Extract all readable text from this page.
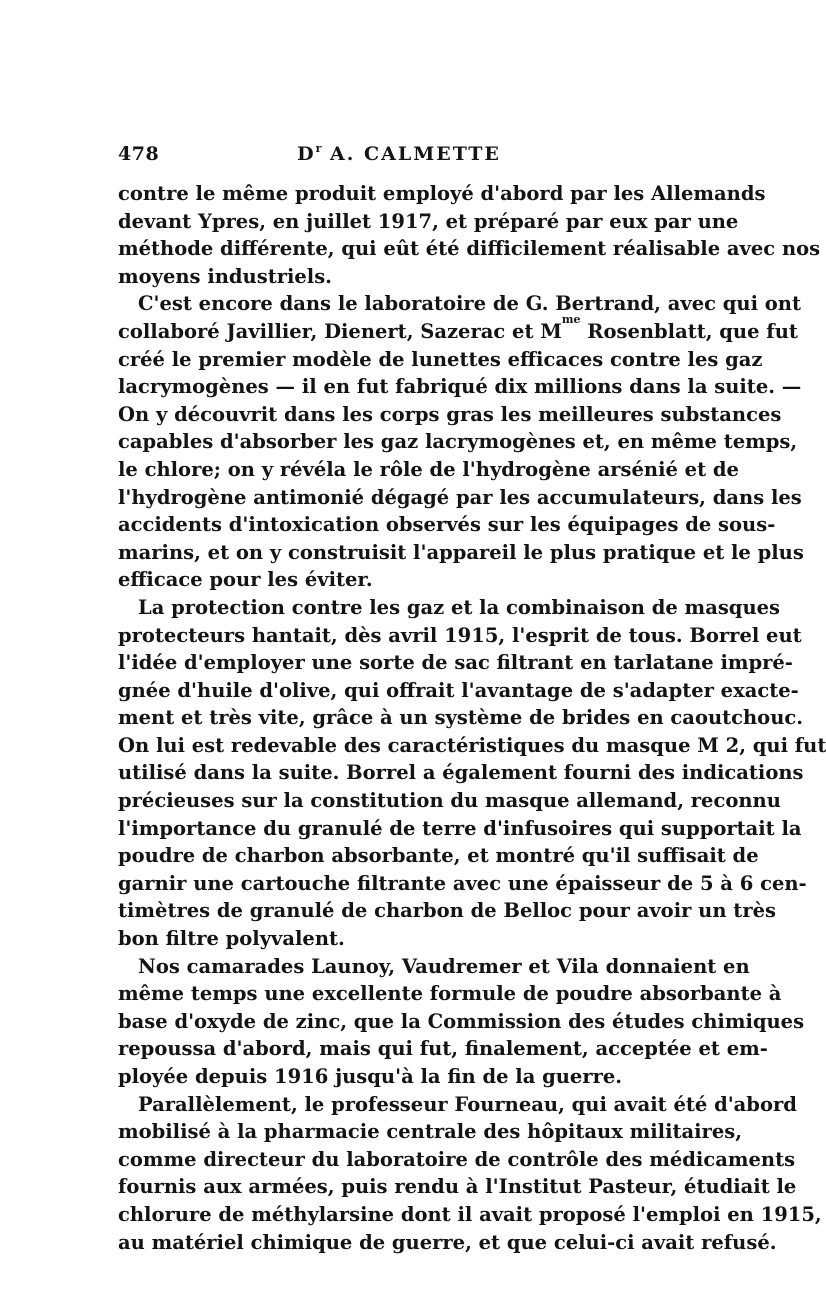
478	$D^r$ A. CALMETTE
contre le même produit employé d'abord par les Allemands
devant Ypres, en juillet 1917, et préparé par eux par une
méthode différente, qui eût été difficilement réalisable avec nos
moyens industriels.
C'est encore dans le laboratoire de G. Bertrand, avec qui ont
collaboré Javillier, Dienert, Sazerac et $M^{me}$ Rosenblatt, que fut
créé le premier modèle de lunettes efficaces contre les gaz
lacrymogènes — il en fut fabriqué dix millions dans la suite. —
On y découvrit dans les corps gras les meilleures substances
capables d'absorber les gaz lacrymogènes et, en même temps,
le chlore; on y révéla le rôle de l'hydrogène arsénié et de
l'hydrogène antimonié dégagé par les accumulateurs, dans les
accidents d'intoxication observés sur les équipages de sous-
marins, et on y construisit l'appareil le plus pratique et le plus
efficace pour les éviter.
La protection contre les gaz et la combinaison de masques
protecteurs hantait, dès avril 1915, l'esprit de tous. Borrel eut
l'idée d'employer une sorte de sac filtrant en tarlatane impré-
gnée d'huile d'olive, qui offrait l'avantage de s'adapter exacte-
ment et très vite, grâce à un système de brides en caoutchouc.
On lui est redevable des caractéristiques du masque M 2, qui fut
utilisé dans la suite. Borrel a également fourni des indications
précieuses sur la constitution du masque allemand, reconnu
l'importance du granulé de terre d'infusoires qui supportait la
poudre de charbon absorbante, et montré qu'il suffisait de
garnir une cartouche filtrante avec une épaisseur de 5 à 6 cen-
timètres de granulé de charbon de Belloc pour avoir un très
bon filtre polyvalent.
Nos camarades Launoy, Vaudremer et Vila donnaient en
même temps une excellente formule de poudre absorbante à
base d'oxyde de zinc, que la Commission des études chimiques
repoussa d'abord, mais qui fut, finalement, acceptée et em-
ployée depuis 1916 jusqu'à la fin de la guerre.
Parallèlement, le professeur Fourneau, qui avait été d'abord
mobilisé à la pharmacie centrale des hôpitaux militaires,
comme directeur du laboratoire de contrôle des médicaments
fournis aux armées, puis rendu à l'Institut Pasteur, étudiait le
chlorure de méthylarsine dont il avait proposé l'emploi en 1915,
au matériel chimique de guerre, et que celui-ci avait refusé.
